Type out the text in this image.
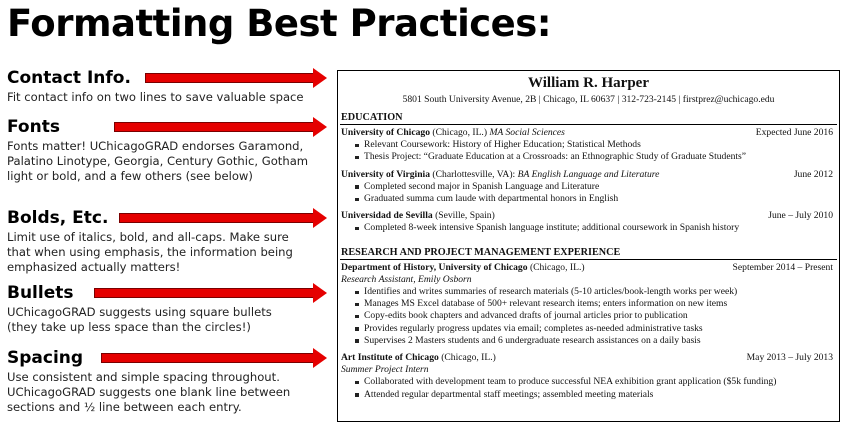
Formatting Best Practices:
Contact Info.
Fit contact info on two lines to save valuable space
Fonts
Fonts matter! UChicagoGRAD endorses Garamond,
Palatino Linotype, Georgia, Century Gothic, Gotham
light or bold, and a few others (see below)
Bolds, Etc.
Limit use of italics, bold, and all-caps. Make sure
that when using emphasis, the information being
emphasized actually matters!
Bullets
UChicagoGRAD suggests using square bullets
(they take up less space than the circles!)
Spacing
Use consistent and simple spacing throughout.
UChicagoGRAD suggests one blank line between
sections and ½ line between each entry.
William R. Harper
5801 South University Avenue, 2B | Chicago, IL 60637 | 312-723-2145 | firstprez@uchicago.edu
EDUCATION
University of Chicago (Chicago, IL.) MA Social Sciences	Expected June 2016
Relevant Coursework: History of Higher Education; Statistical Methods
Thesis Project: “Graduate Education at a Crossroads: an Ethnographic Study of Graduate Students”
University of Virginia (Charlottesville, VA): BA English Language and Literature	June 2012
Completed second major in Spanish Language and Literature
Graduated summa cum laude with departmental honors in English
Universidad de Sevilla (Seville, Spain)	June – July 2010
Completed 8-week intensive Spanish language institute; additional coursework in Spanish history
RESEARCH AND PROJECT MANAGEMENT EXPERIENCE
Department of History, University of Chicago (Chicago, IL.)	September 2014 – Present
Research Assistant, Emily Osborn
Identifies and writes summaries of research materials (5-10 articles/book-length works per week)
Manages MS Excel database of 500+ relevant research items; enters information on new items
Copy-edits book chapters and advanced drafts of journal articles prior to publication
Provides regularly progress updates via email; completes as-needed administrative tasks
Supervises 2 Masters students and 6 undergraduate research assistances on a daily basis
Art Institute of Chicago (Chicago, IL.)	May 2013 – July 2013
Summer Project Intern
Collaborated with development team to produce successful NEA exhibition grant application ($5k funding)
Attended regular departmental staff meetings; assembled meeting materials
